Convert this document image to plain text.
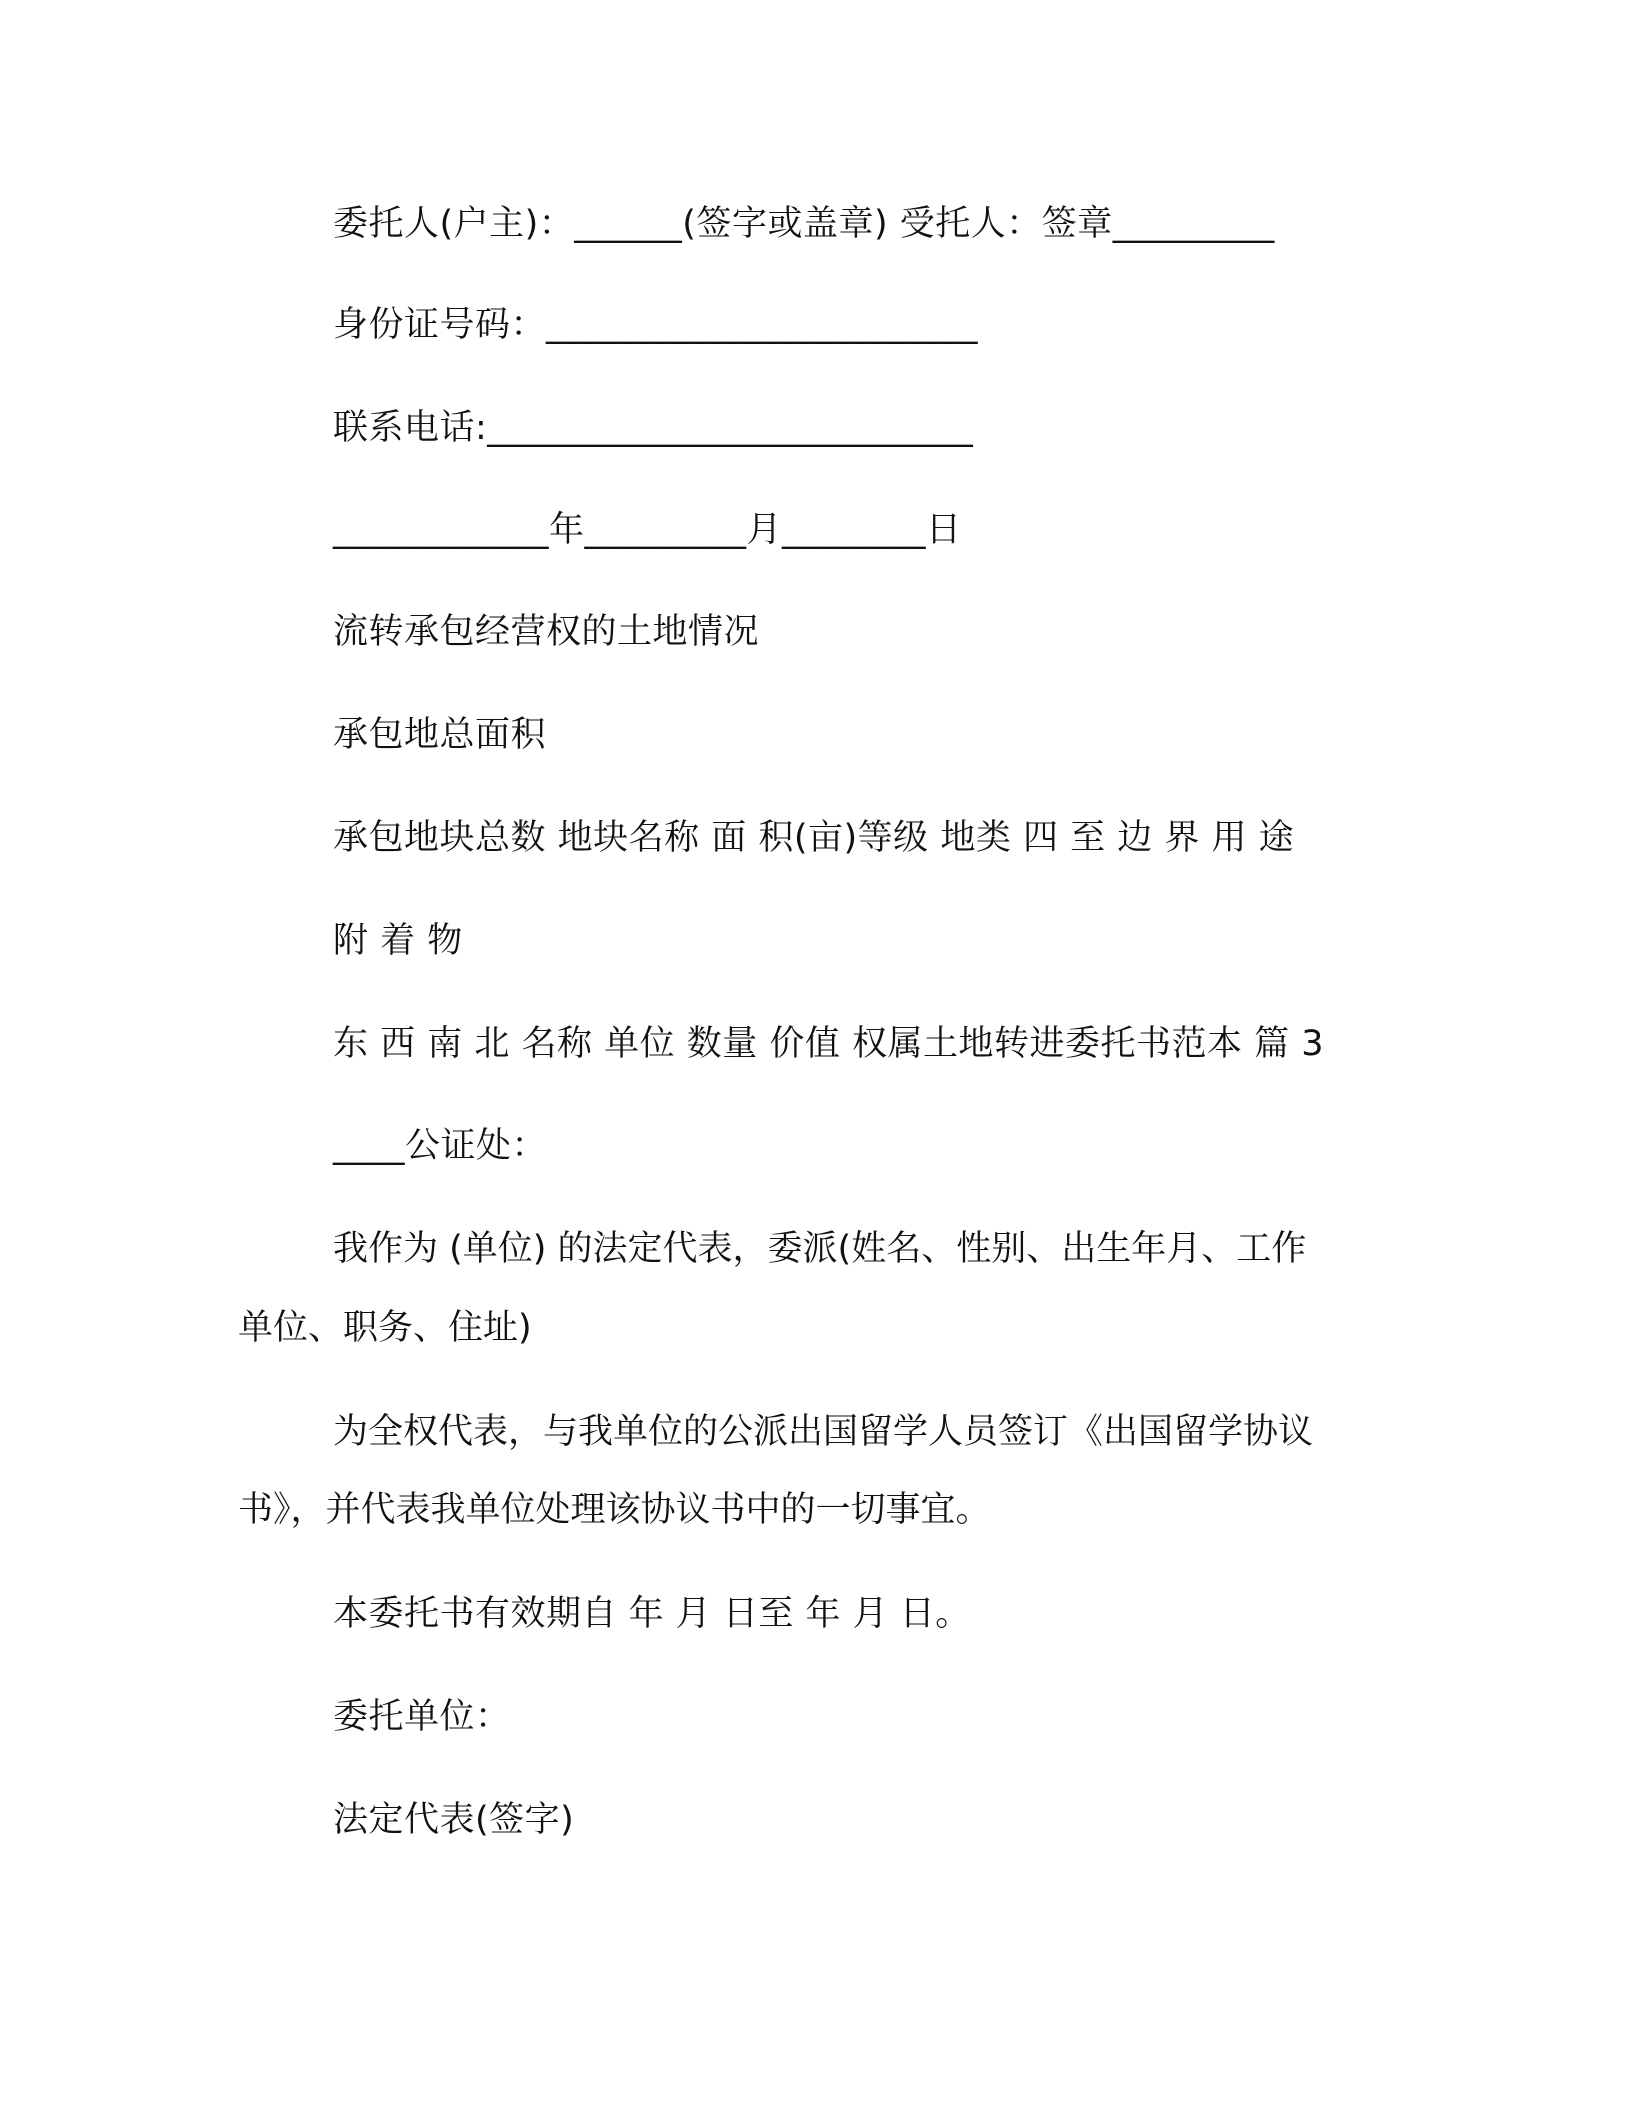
委托人(户主)：______(签字或盖章) 受托人：签章_________
身份证号码：________________________
联系电话:___________________________
____________年_________月________日
流转承包经营权的土地情况
承包地总面积
承包地块总数 地块名称 面 积(亩)等级 地类 四 至 边 界 用 途
附 着 物
东 西 南 北 名称 单位 数量 价值 权属土地转进委托书范本 篇 3
____公证处：
我作为 (单位) 的法定代表，委派(姓名、性别、出生年月、工作
单位、职务、住址)
为全权代表，与我单位的公派出国留学人员签订《出国留学协议
书》，并代表我单位处理该协议书中的一切事宜。
本委托书有效期自 年 月 日至 年 月 日。
委托单位：
法定代表(签字)
